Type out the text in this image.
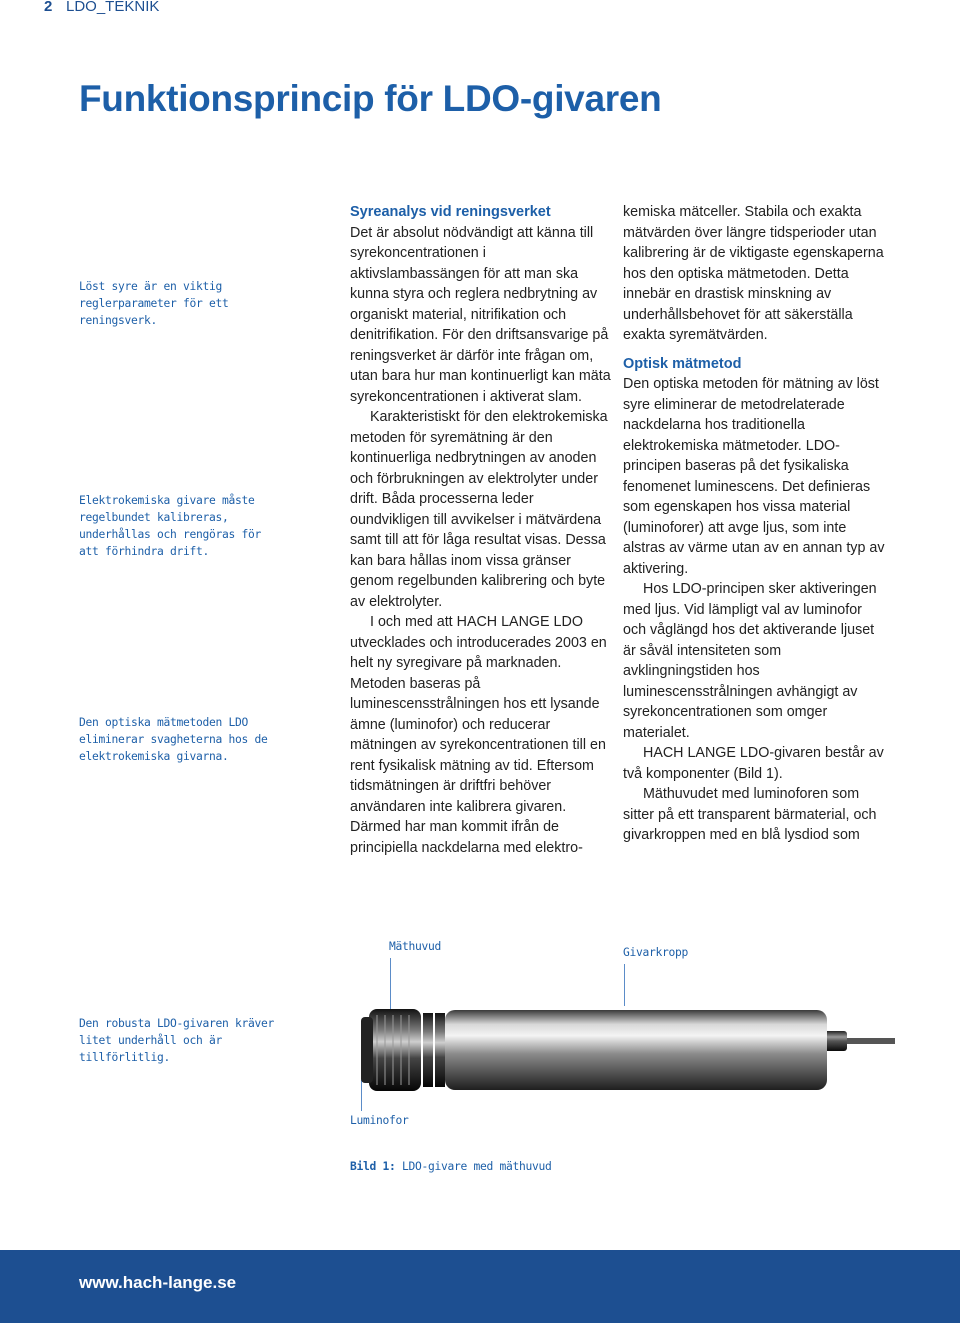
2 LDO_TEKNIK
Funktionsprincip för LDO-givaren
Löst syre är en viktig reglerparameter för ett reningsverk.
Elektrokemiska givare måste regelbundet kalibreras, underhållas och rengöras för att förhindra drift.
Den optiska mätmetoden LDO eliminerar svagheterna hos de elektrokemiska givarna.
Den robusta LDO-givaren kräver litet underhåll och är tillförlitlig.
Syreanalys vid reningsverket

Det är absolut nödvändigt att känna till syrekoncentrationen i aktivslambassängen för att man ska kunna styra och reglera nedbrytning av organiskt material, nitrifikation och denitrifikation. För den driftsansvarige på reningsverket är därför inte frågan om, utan bara hur man kontinuerligt kan mäta syrekoncentrationen i aktiverat slam.

Karakteristiskt för den elektrokemiska metoden för syremätning är den kontinuerliga nedbrytningen av anoden och förbrukningen av elektrolyter under drift. Båda processerna leder oundvikligen till avvikelser i mätvärdena samt till att för låga resultat visas. Dessa kan bara hållas inom vissa gränser genom regelbunden kalibrering och byte av elektrolyter.

I och med att HACH LANGE LDO utvecklades och introducerades 2003 en helt ny syregivare på marknaden. Metoden baseras på luminescensstrålningen hos ett lysande ämne (luminofor) och reducerar mätningen av syrekoncentrationen till en rent fysikalisk mätning av tid. Eftersom tidsmätningen är driftfri behöver användaren inte kalibrera givaren. Därmed har man kommit ifrån de principiella nackdelarna med elektro-

kemiska mätceller. Stabila och exakta mätvärden över längre tidsperioder utan kalibrering är de viktigaste egenskaperna hos den optiska mätmetoden. Detta innebär en drastisk minskning av underhållsbehovet för att säkerställa exakta syremätvärden.

Optisk mätmetod

Den optiska metoden för mätning av löst syre eliminerar de metodrelaterade nackdelarna hos traditionella elektrokemiska mätmetoder. LDO-principen baseras på det fysikaliska fenomenet luminescens. Det definieras som egenskapen hos vissa material (luminoforer) att avge ljus, som inte alstras av värme utan av en annan typ av aktivering.

Hos LDO-principen sker aktiveringen med ljus. Vid lämpligt val av luminofor och våglängd hos det aktiverande ljuset är såväl intensiteten som avklingningstiden hos luminescensstrålningen avhängigt av syrekoncentrationen som omger materialet.

HACH LANGE LDO-givaren består av två komponenter (Bild 1).

Mäthuvudet med luminoforen som sitter på ett transparent bärmaterial, och givarkroppen med en blå lysdiod som

Mäthuvud	Givarkropp
Luminofor
Bild 1: LDO-givare med mäthuvud
www.hach-lange.se
